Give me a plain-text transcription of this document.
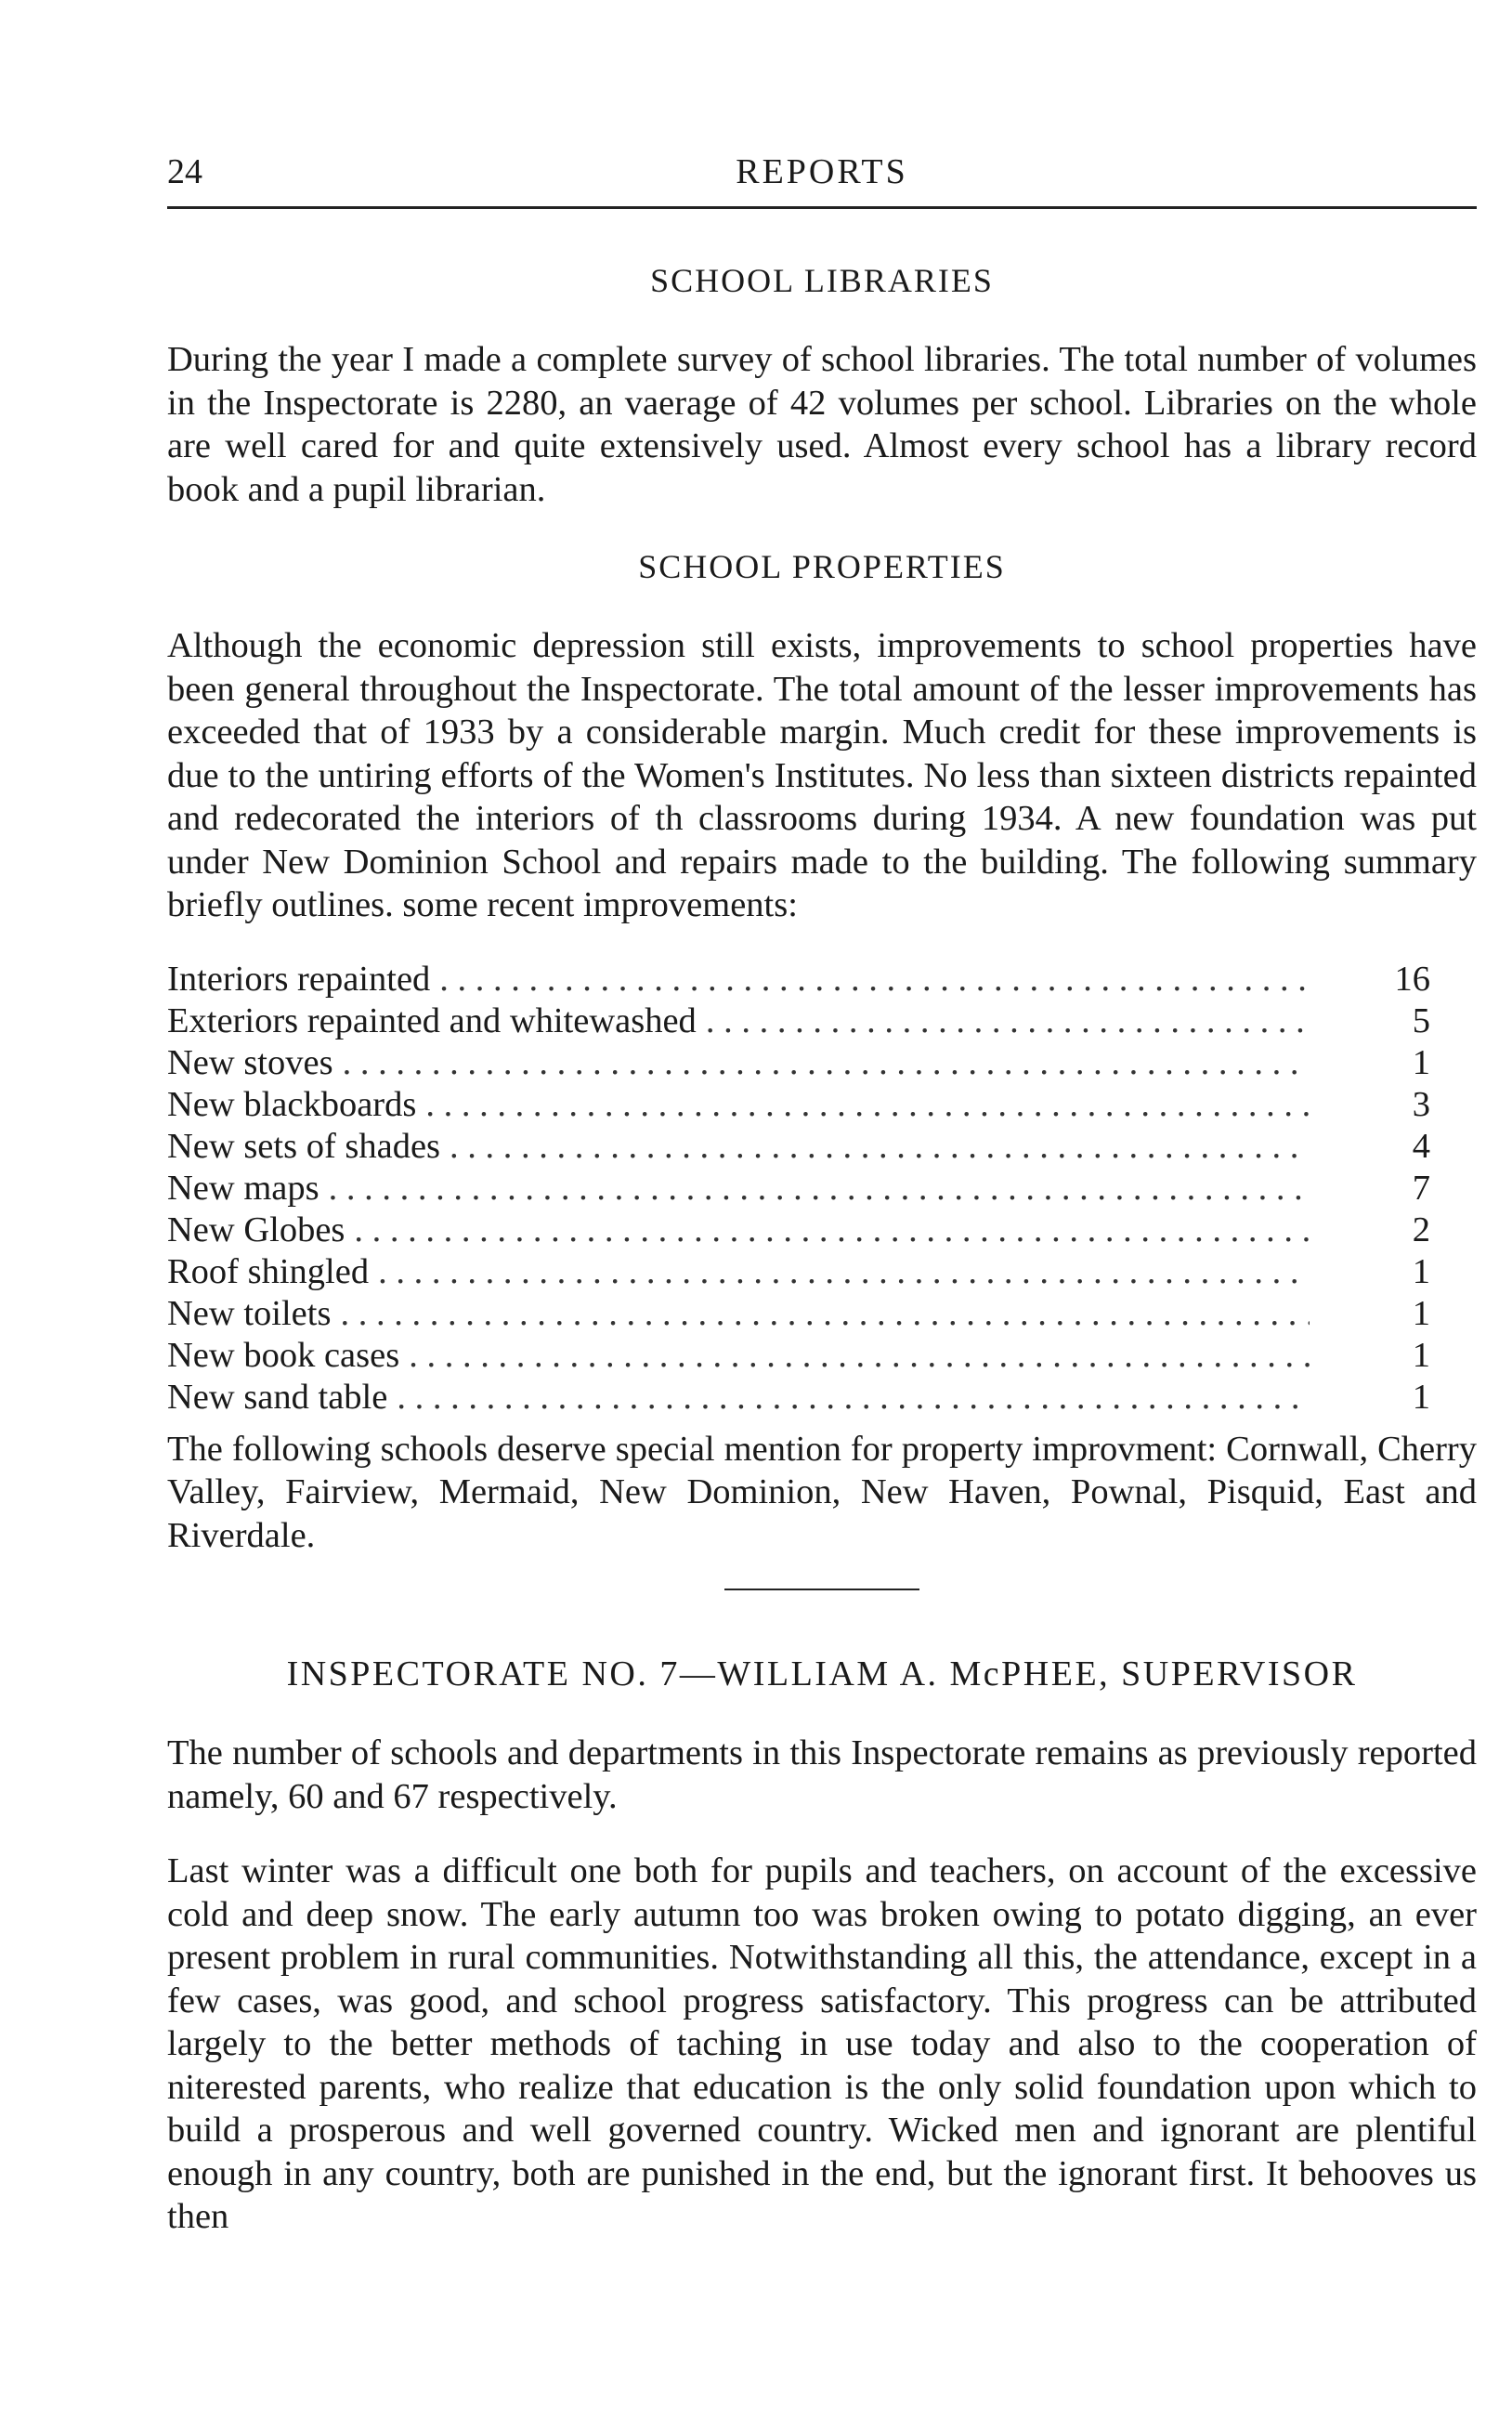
24	REPORTS
SCHOOL LIBRARIES

During the year I made a complete survey of school libraries. The total number of volumes in the Inspectorate is 2280, an vaerage of 42 volumes per school. Libraries on the whole are well cared for and quite extensively used. Almost every school has a library record book and a pupil librarian.

SCHOOL PROPERTIES

Although the economic depression still exists, improvements to school properties have been general throughout the Inspectorate. The total amount of the lesser improvements has exceeded that of 1933 by a considerable margin. Much credit for these improvements is due to the untiring efforts of the Women's Institutes. No less than sixteen districts repainted and redecorated the interiors of th classrooms during 1934. A new foundation was put under New Dominion School and repairs made to the building. The following summary briefly outlines. some recent improvements:

Interiors repainted . . .	16
Exteriors repainted and whitewashed . . .	5
New stoves . . .	1
New blackboards . . .	3
New sets of shades . . .	4
New maps . . .	7
New Globes . . .	2
Roof shingled . . .	1
New toilets . . .	1
New book cases . . .	1
New sand table . . .	1

The following schools deserve special mention for property improvment: Cornwall, Cherry Valley, Fairview, Mermaid, New Dominion, New Haven, Pownal, Pisquid, East and Riverdale.

INSPECTORATE NO. 7—WILLIAM A. McPHEE, SUPERVISOR

The number of schools and departments in this Inspectorate remains as previously reported namely, 60 and 67 respectively.

Last winter was a difficult one both for pupils and teachers, on account of the excessive cold and deep snow. The early autumn too was broken owing to potato digging, an ever present problem in rural communities. Notwithstanding all this, the attendance, except in a few cases, was good, and school progress satisfactory. This progress can be attributed largely to the better methods of taching in use today and also to the cooperation of niterested parents, who realize that education is the only solid foundation upon which to build a prosperous and well governed country. Wicked men and ignorant are plentiful enough in any country, both are punished in the end, but the ignorant first. It behooves us then
